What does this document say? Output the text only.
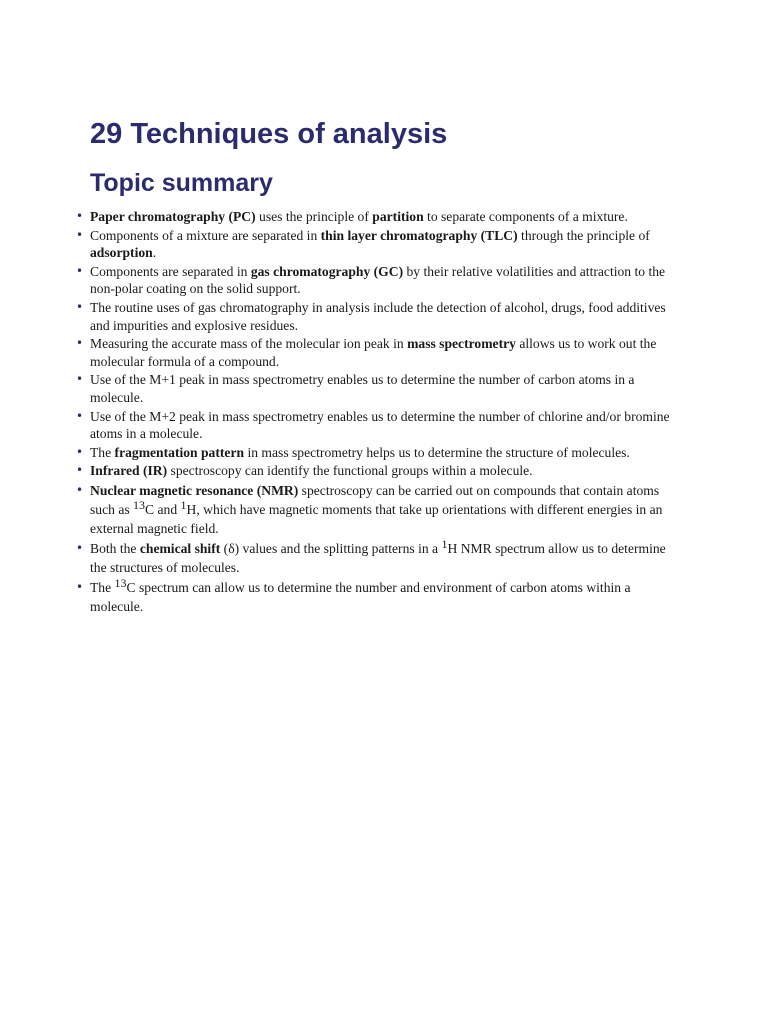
29 Techniques of analysis
Topic summary
• Paper chromatography (PC) uses the principle of partition to separate components of a mixture.
• Components of a mixture are separated in thin layer chromatography (TLC) through the principle of adsorption.
• Components are separated in gas chromatography (GC) by their relative volatilities and attraction to the non-polar coating on the solid support.
• The routine uses of gas chromatography in analysis include the detection of alcohol, drugs, food additives and impurities and explosive residues.
• Measuring the accurate mass of the molecular ion peak in mass spectrometry allows us to work out the molecular formula of a compound.
• Use of the M+1 peak in mass spectrometry enables us to determine the number of carbon atoms in a molecule.
• Use of the M+2 peak in mass spectrometry enables us to determine the number of chlorine and/or bromine atoms in a molecule.
• The fragmentation pattern in mass spectrometry helps us to determine the structure of molecules.
• Infrared (IR) spectroscopy can identify the functional groups within a molecule.
• Nuclear magnetic resonance (NMR) spectroscopy can be carried out on compounds that contain atoms such as $^{13}$C and $^1$H, which have magnetic moments that take up orientations with different energies in an external magnetic field.
• Both the chemical shift (δ) values and the splitting patterns in a $^1$H NMR spectrum allow us to determine the structures of molecules.
• The $^{13}$C spectrum can allow us to determine the number and environment of carbon atoms within a molecule.
